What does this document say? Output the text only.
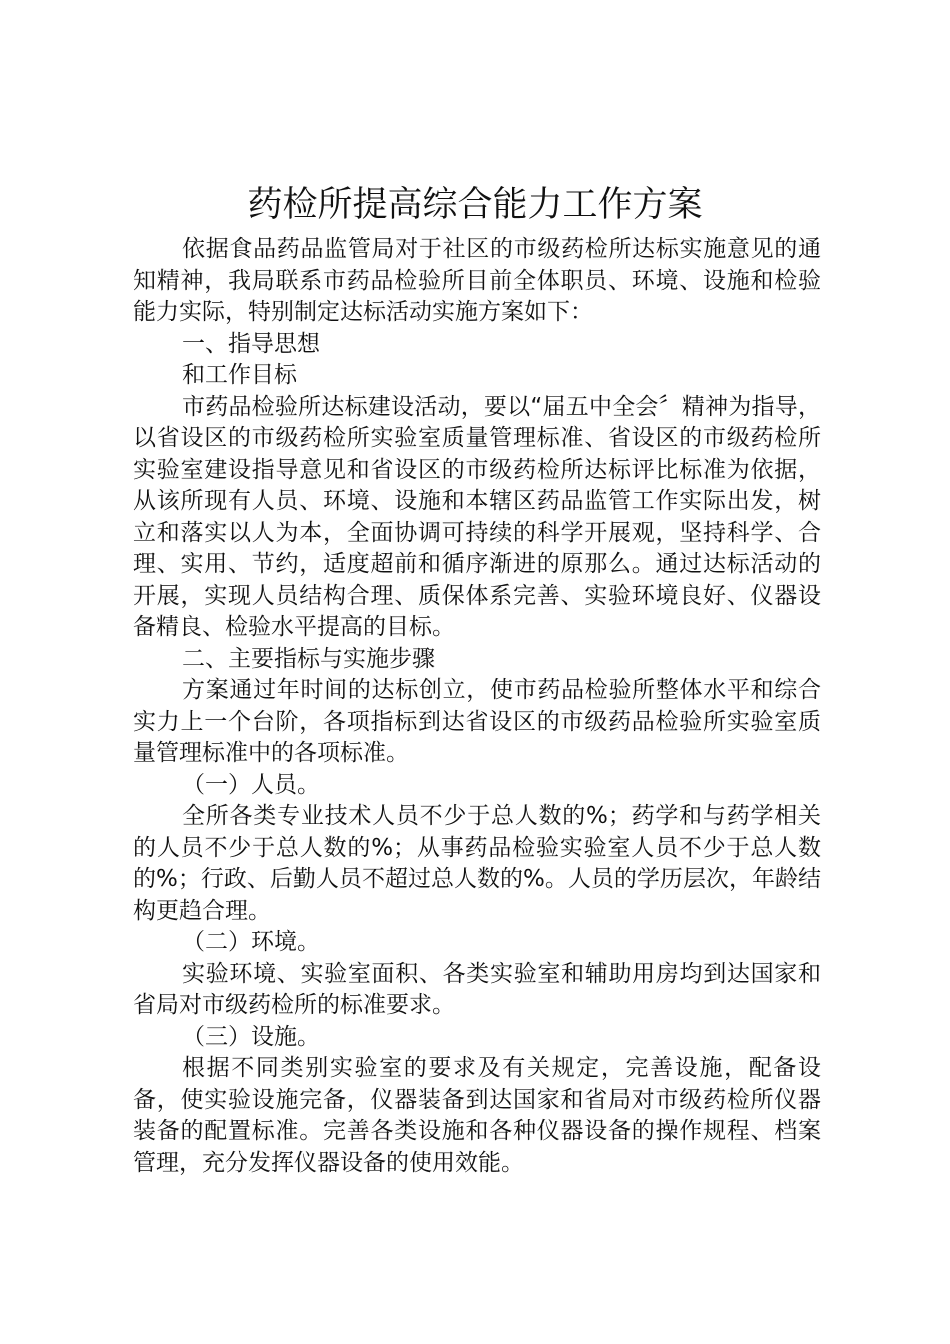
药检所提高综合能力工作方案

依据食品药品监管局对于社区的市级药检所达标实施意见的通知精神，我局联系市药品检验所目前全体职员、环境、设施和检验能力实际，特别制定达标活动实施方案如下：

一、指导思想

和工作目标

市药品检验所达标建设活动，要以“届五中全会〞精神为指导，以省设区的市级药检所实验室质量管理标准、省设区的市级药检所实验室建设指导意见和省设区的市级药检所达标评比标准为依据，从该所现有人员、环境、设施和本辖区药品监管工作实际出发，树立和落实以人为本，全面协调可持续的科学开展观，坚持科学、合理、实用、节约，适度超前和循序渐进的原那么。通过达标活动的开展，实现人员结构合理、质保体系完善、实验环境良好、仪器设备精良、检验水平提高的目标。

二、主要指标与实施步骤

方案通过年时间的达标创立，使市药品检验所整体水平和综合实力上一个台阶，各项指标到达省设区的市级药品检验所实验室质量管理标准中的各项标准。

（一）人员。

全所各类专业技术人员不少于总人数的%；药学和与药学相关的人员不少于总人数的%；从事药品检验实验室人员不少于总人数的%；行政、后勤人员不超过总人数的%。人员的学历层次，年龄结构更趋合理。

（二）环境。

实验环境、实验室面积、各类实验室和辅助用房均到达国家和省局对市级药检所的标准要求。

（三）设施。

根据不同类别实验室的要求及有关规定，完善设施，配备设备，使实验设施完备，仪器装备到达国家和省局对市级药检所仪器装备的配置标准。完善各类设施和各种仪器设备的操作规程、档案管理，充分发挥仪器设备的使用效能。
